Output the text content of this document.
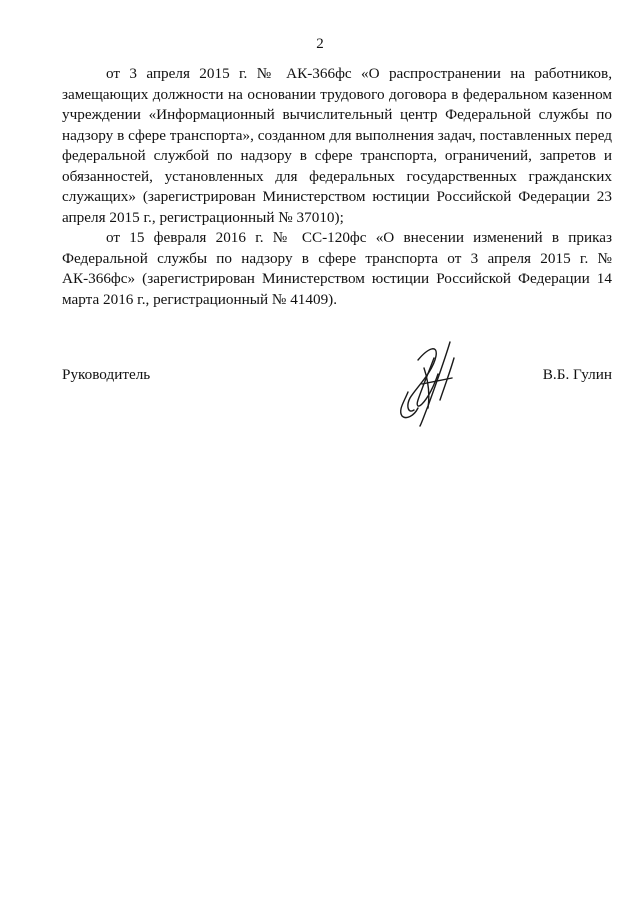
2

от 3 апреля 2015 г. № АК-366фс «О распространении на работников, замещающих должности на основании трудового договора в федеральном казенном учреждении «Информационный вычислительный центр Федеральной службы по надзору в сфере транспорта», созданном для выполнения задач, поставленных перед федеральной службой по надзору в сфере транспорта, ограничений, запретов и обязанностей, установленных для федеральных государственных гражданских служащих» (зарегистрирован Министерством юстиции Российской Федерации 23 апреля 2015 г., регистрационный № 37010);

от 15 февраля 2016 г. № СС-120фс «О внесении изменений в приказ Федеральной службы по надзору в сфере транспорта от 3 апреля 2015 г. № АК-366фс» (зарегистрирован Министерством юстиции Российской Федерации 14 марта 2016 г., регистрационный № 41409).

Руководитель	В.Б. Гулин
